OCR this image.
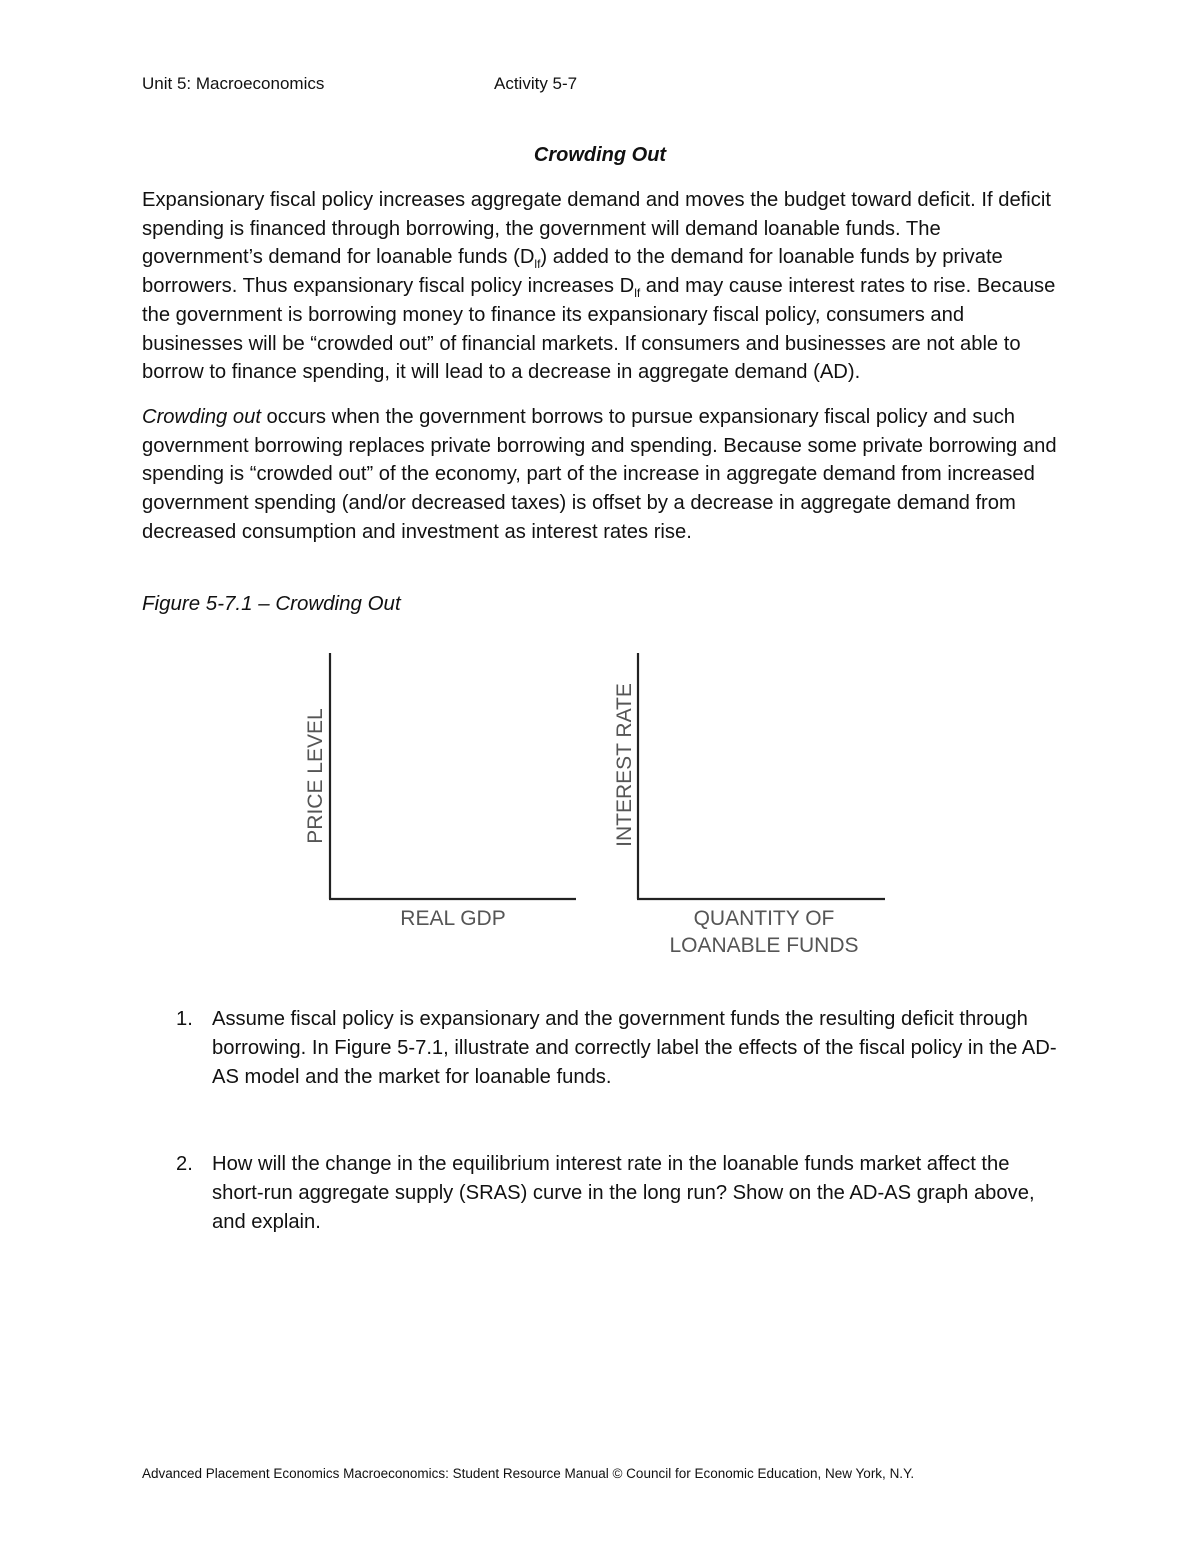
Unit 5: Macroeconomics	Activity 5-7
Crowding Out

Expansionary fiscal policy increases aggregate demand and moves the budget toward deficit. If deficit spending is financed through borrowing, the government will demand loanable funds. The government’s demand for loanable funds $(D_{lf})$ added to the demand for loanable funds by private borrowers. Thus expansionary fiscal policy increases $D_{lf}$ and may cause interest rates to rise. Because the government is borrowing money to finance its expansionary fiscal policy, consumers and businesses will be “crowded out” of financial markets. If consumers and businesses are not able to borrow to finance spending, it will lead to a decrease in aggregate demand (AD).

Crowding out occurs when the government borrows to pursue expansionary fiscal policy and such government borrowing replaces private borrowing and spending. Because some private borrowing and spending is “crowded out” of the economy, part of the increase in aggregate demand from increased government spending (and/or decreased taxes) is offset by a decrease in aggregate demand from decreased consumption and investment as interest rates rise.

Figure 5-7.1 – Crowding Out
PRICE LEVEL
REAL GDP
INTEREST RATE
QUANTITY OF
LOANABLE FUNDS
1. Assume fiscal policy is expansionary and the government funds the resulting deficit through borrowing. In Figure 5-7.1, illustrate and correctly label the effects of the fiscal policy in the AD-AS model and the market for loanable funds.
2. How will the change in the equilibrium interest rate in the loanable funds market affect the short-run aggregate supply (SRAS) curve in the long run? Show on the AD-AS graph above, and explain.
Advanced Placement Economics Macroeconomics: Student Resource Manual © Council for Economic Education, New York, N.Y.
